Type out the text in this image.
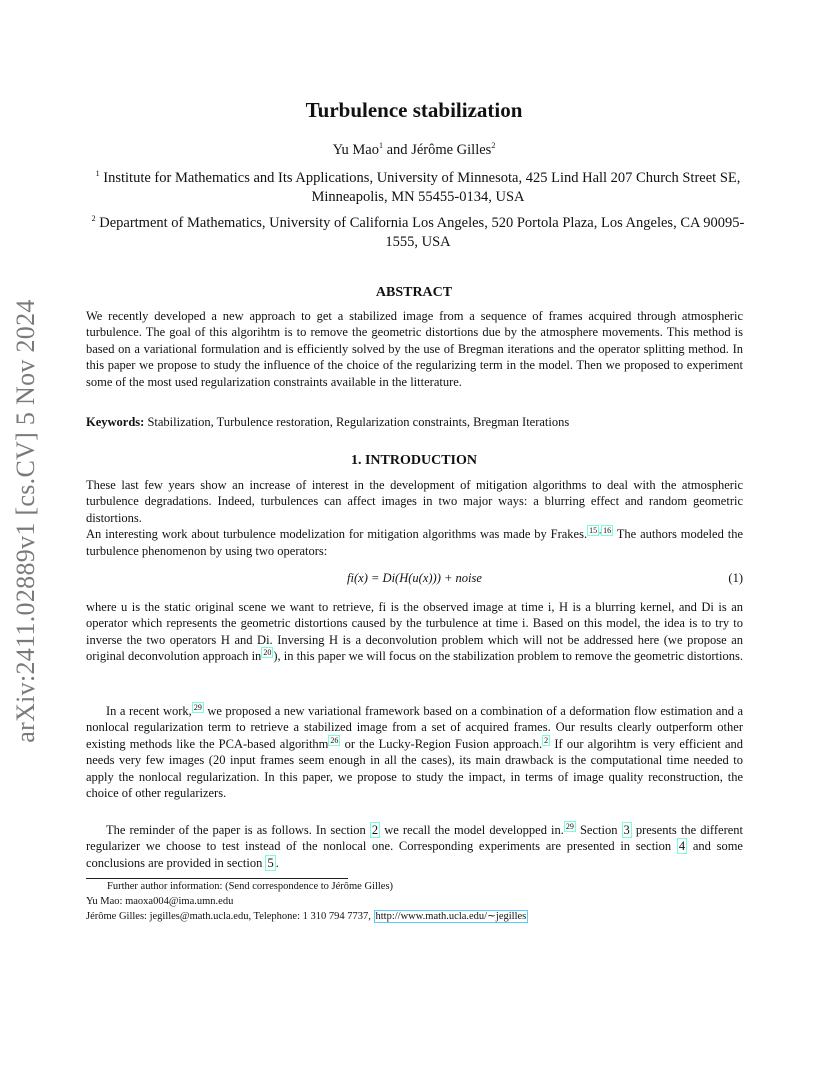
arXiv:2411.02889v1 [cs.CV] 5 Nov 2024
Turbulence stabilization
Yu Mao$^1$ and Jérôme Gilles$^2$
$^1$ Institute for Mathematics and Its Applications, University of Minnesota, 425 Lind Hall 207 Church Street SE, Minneapolis, MN 55455-0134, USA
$^2$ Department of Mathematics, University of California Los Angeles, 520 Portola Plaza, Los Angeles, CA 90095-1555, USA
ABSTRACT

We recently developed a new approach to get a stabilized image from a sequence of frames acquired through atmospheric turbulence. The goal of this algorihtm is to remove the geometric distortions due by the atmosphere movements. This method is based on a variational formulation and is efficiently solved by the use of Bregman iterations and the operator splitting method. In this paper we propose to study the influence of the choice of the regularizing term in the model. Then we proposed to experiment some of the most used regularization constraints available in the litterature.

Keywords: Stabilization, Turbulence restoration, Regularization constraints, Bregman Iterations

1. INTRODUCTION

These last few years show an increase of interest in the development of mitigation algorithms to deal with the atmospheric turbulence degradations. Indeed, turbulences can affect images in two major ways: a blurring effect and random geometric distortions.

An interesting work about turbulence modelization for mitigation algorithms was made by Frakes. $^{15 , 16}$ The authors modeled the turbulence phenomenon by using two operators:

fi(x) = Di(H(u(x))) + noise	(1)

where u is the static original scene we want to retrieve, fi is the observed image at time i, H is a blurring kernel, and Di is an operator which represents the geometric distortions caused by the turbulence at time i. Based on this model, the idea is to try to inverse the two operators H and Di. Inversing H is a deconvolution problem which will not be addressed here (we propose an original deconvolution approach in $^{20}$ ), in this paper we will focus on the stabilization problem to remove the geometric distortions.

In a recent work, $^{29}$ we proposed a new variational framework based on a combination of a deformation flow estimation and a nonlocal regularization term to retrieve a stabilized image from a set of acquired frames. Our results clearly outperform other existing methods like the PCA-based algorithm $^{26}$ or the Lucky-Region Fusion approach. $^2$ If our algorihtm is very efficient and needs very few images (20 input frames seem enough in all the cases), its main drawback is the computational time needed to apply the nonlocal regularization. In this paper, we propose to study the impact, in terms of image quality reconstruction, the choice of other regularizers.

The reminder of the paper is as follows. In section 2 we recall the model developped in. $^{29}$ Section 3 presents the different regularizer we choose to test instead of the nonlocal one. Corresponding experiments are presented in section 4 and some conclusions are provided in section 5 .

Further author information: (Send correspondence to Jérôme Gilles)
Yu Mao: maoxa004@ima.umn.edu
Jérôme Gilles: jegilles@math.ucla.edu, Telephone: 1 310 794 7737, http://www.math.ucla.edu/∼jegilles
